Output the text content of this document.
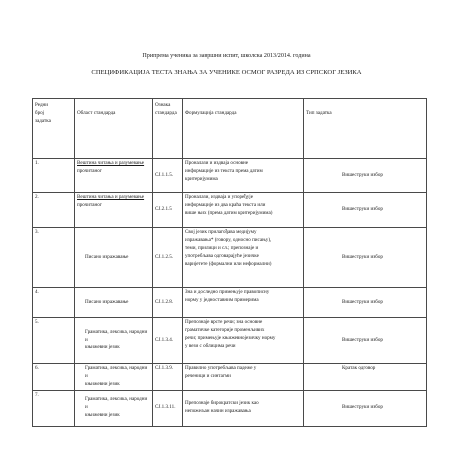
Припрема ученика за завршни испит, школска 2013/2014. година
СПЕЦИФИКАЦИЈА ТЕСТА ЗНАЊА ЗА УЧЕНИКЕ ОСМОГ РАЗРЕДА ИЗ СРПСКОГ ЈЕЗИКА
Редни
број
задатка	Област стандарда	Ознака
стандарда	Формулација стандарда	Тип задатка
1.	Вештина читања и разумевање
прочитаног	CJ.1.1.5.	Проналази и издваја основне
информације из текста према датим
критеријумима	Вишеструки избор
2.	Вештина читања и разумевање
прочитаног	CJ.2.1.5	Проналази, издваја и упоређује
информације из два краћа текста или
више њих (према датим критеријумима)	Вишеструки избор
3.	Писано изражавање	CJ.1.2.5.	Свој језик прилагођава медијуму
изражавања* (говору, односно писању),
теми, прилици и сл.; препознаје и
употребљава одговарајуће језичке
варијетете (формални или неформални)	Вишеструки избор
4.	Писано изражавање	CJ.1.2.8.	Зна и доследно примењује правописну
норму у једноставним примерима	Вишеструки избор
5.	Граматика, лексика, народни и
књижевни језик	CJ.1.3.4.	Препознаје врсте речи; зна основне
граматичке категорије променљивих
речи; примењује књижевнојезичку норму
у вези с облицима речи	Вишеструки избор
6.	Граматика, лексика, народни и
књижевни језик	CJ.1.3.9.	Правилно употребљава падеже у
реченици и синтагми	Кратак одговор
7.	Граматика, лексика, народни и
књижевни језик	CJ.1.3.11.	Препознаје бирократски језик као
непожељан начин изражавања	Вишеструки избор
